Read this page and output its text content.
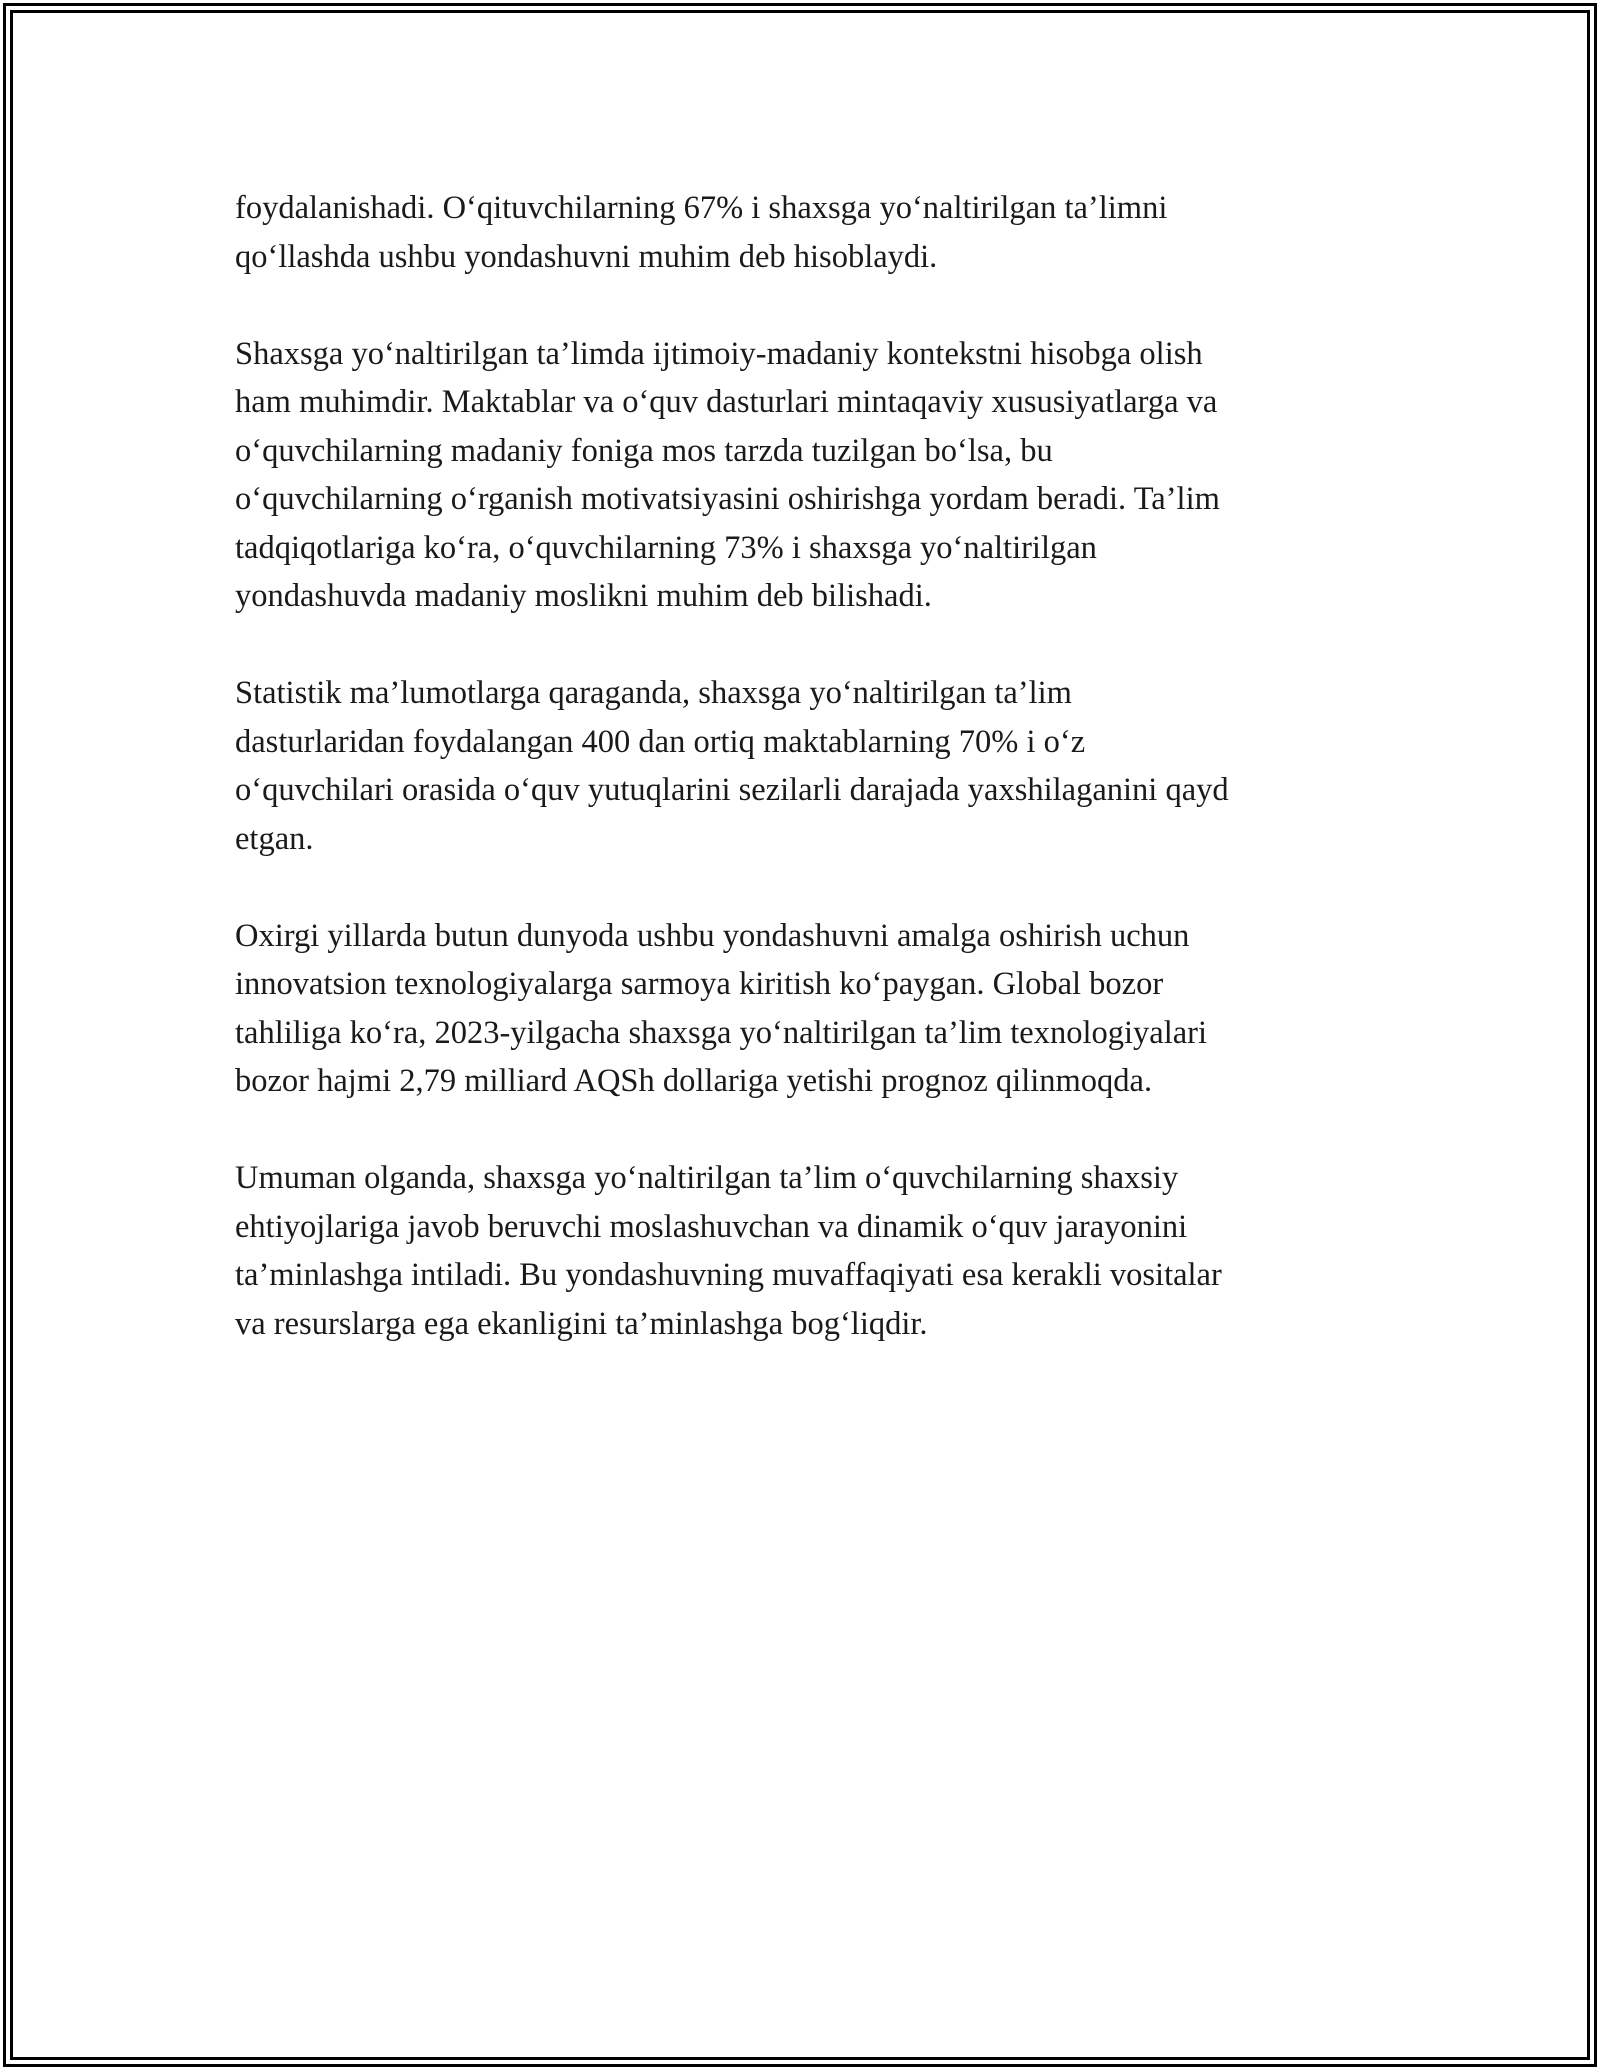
foydalanishadi. O‘qituvchilarning 67% i shaxsga yo‘naltirilgan ta’limni
qo‘llashda ushbu yondashuvni muhim deb hisoblaydi.

Shaxsga yo‘naltirilgan ta’limda ijtimoiy-madaniy kontekstni hisobga olish
ham muhimdir. Maktablar va o‘quv dasturlari mintaqaviy xususiyatlarga va
o‘quvchilarning madaniy foniga mos tarzda tuzilgan bo‘lsa, bu
o‘quvchilarning o‘rganish motivatsiyasini oshirishga yordam beradi. Ta’lim
tadqiqotlariga ko‘ra, o‘quvchilarning 73% i shaxsga yo‘naltirilgan
yondashuvda madaniy moslikni muhim deb bilishadi.

Statistik ma’lumotlarga qaraganda, shaxsga yo‘naltirilgan ta’lim
dasturlaridan foydalangan 400 dan ortiq maktablarning 70% i o‘z
o‘quvchilari orasida o‘quv yutuqlarini sezilarli darajada yaxshilaganini qayd
etgan.

Oxirgi yillarda butun dunyoda ushbu yondashuvni amalga oshirish uchun
innovatsion texnologiyalarga sarmoya kiritish ko‘paygan. Global bozor
tahliliga ko‘ra, 2023-yilgacha shaxsga yo‘naltirilgan ta’lim texnologiyalari
bozor hajmi 2,79 milliard AQSh dollariga yetishi prognoz qilinmoqda.

Umuman olganda, shaxsga yo‘naltirilgan ta’lim o‘quvchilarning shaxsiy
ehtiyojlariga javob beruvchi moslashuvchan va dinamik o‘quv jarayonini
ta’minlashga intiladi. Bu yondashuvning muvaffaqiyati esa kerakli vositalar
va resurslarga ega ekanligini ta’minlashga bog‘liqdir.
